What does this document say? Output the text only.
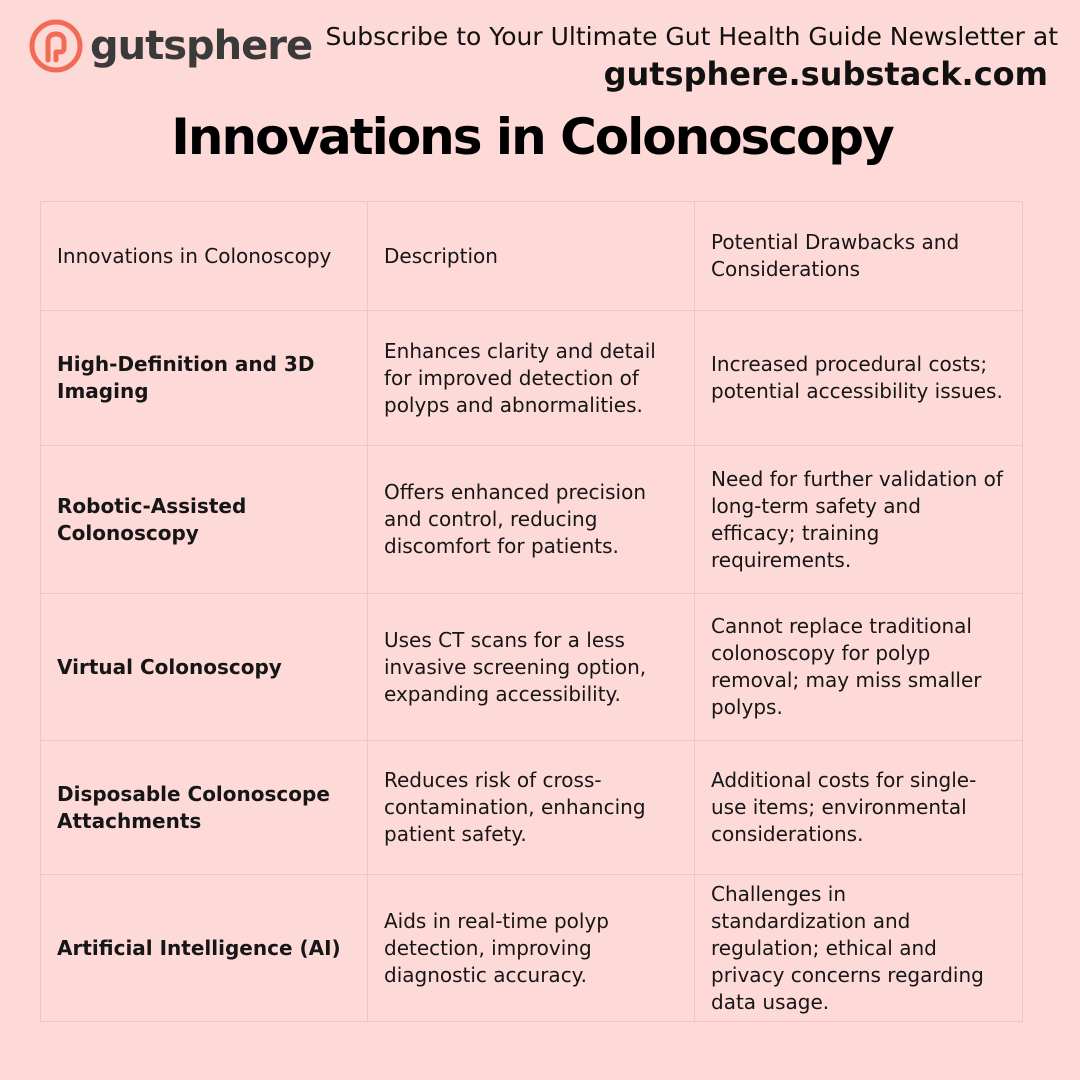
gutsphere Subscribe to Your Ultimate Gut Health Guide Newsletter at
gutsphere.substack.com
Innovations in Colonoscopy
Innovations in Colonoscopy	Description	Potential Drawbacks and Considerations
High-Definition and 3D Imaging	Enhances clarity and detail for improved detection of polyps and abnormalities.	Increased procedural costs; potential accessibility issues.
Robotic-Assisted Colonoscopy	Offers enhanced precision and control, reducing discomfort for patients.	Need for further validation of long-term safety and efficacy; training requirements.
Virtual Colonoscopy	Uses CT scans for a less invasive screening option, expanding accessibility.	Cannot replace traditional colonoscopy for polyp removal; may miss smaller polyps.
Disposable Colonoscope Attachments	Reduces risk of cross-contamination, enhancing patient safety.	Additional costs for single-use items; environmental considerations.
Artificial Intelligence (AI)	Aids in real-time polyp detection, improving diagnostic accuracy.	Challenges in standardization and regulation; ethical and privacy concerns regarding data usage.
